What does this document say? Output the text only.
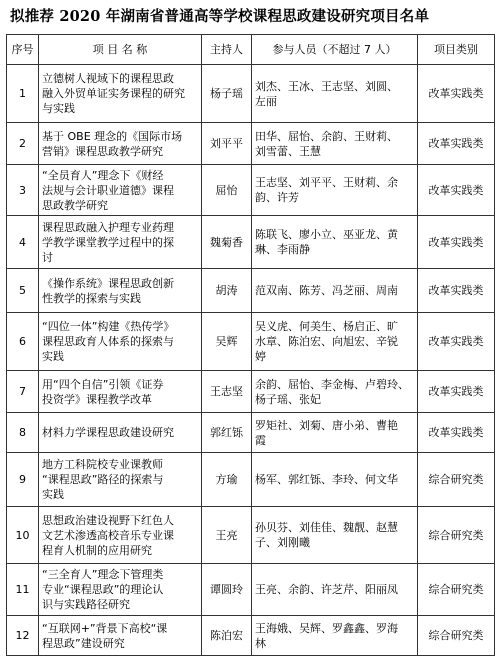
拟推荐 2020 年湖南省普通高等学校课程思政建设研究项目名单
序号	项 目 名 称	主持人	参与人员（不超过 7 人）	项目类别
1	立德树人视域下的课程思政
融入外贸单证实务课程的研究
与实践	杨子瑶	刘杰、王冰、王志坚、刘圆、
左丽	改革实践类
2	基于 OBE 理念的《国际市场
营销》课程思政教学研究	刘平平	田华、屈怡、余韵、王财莉、
刘雪蕾、王慧	改革实践类
3	“全员育人”理念下《财经
法规与会计职业道德》课程
思政教学研究	屈怡	王志坚、刘平平、王财莉、余
韵、许芳	改革实践类
4	课程思政融入护理专业药理
学教学课堂教学过程中的探
讨	魏菊香	陈联飞、廖小立、巫亚龙、黄
琳、李雨静	改革实践类
5	《操作系统》课程思政创新
性教学的探索与实践	胡涛	范双南、陈芳、冯芝丽、周南	改革实践类
6	“四位一体”构建《热传学》
课程思政育人体系的探索与
实践	吴辉	吴义虎、何美生、杨启正、旷
水章、陈泊宏、向旭宏、辛锐
婷	改革实践类
7	用“四个自信”引领《证券
投资学》课程教学改革	王志坚	余韵、屈怡、李金梅、卢碧玲、
杨子瑶、张妃	改革实践类
8	材料力学课程思政建设研究	郭红铄	罗矩社、刘菊、唐小弟、曹艳
霞	改革实践类
9	地方工科院校专业课教师
“课程思政”路径的探索与
实践	方瑜	杨军、郭红铄、李玲、何文华	综合研究类
10	思想政治建设视野下红色人
文艺术渗透高校音乐专业课
程育人机制的应用研究	王亮	孙贝芬、刘佳佳、魏靓、赵慧
子、刘刚曦	综合研究类
11	“三全育人”理念下管理类
专业“课程思政”的理论认
识与实践路径研究	谭圆玲	王亮、余韵、许芝芹、阳丽凤	综合研究类
12	“互联网+”背景下高校“课
程思政”建设研究	陈泊宏	王海娥、吴辉、罗鑫鑫、罗海
林	综合研究类
